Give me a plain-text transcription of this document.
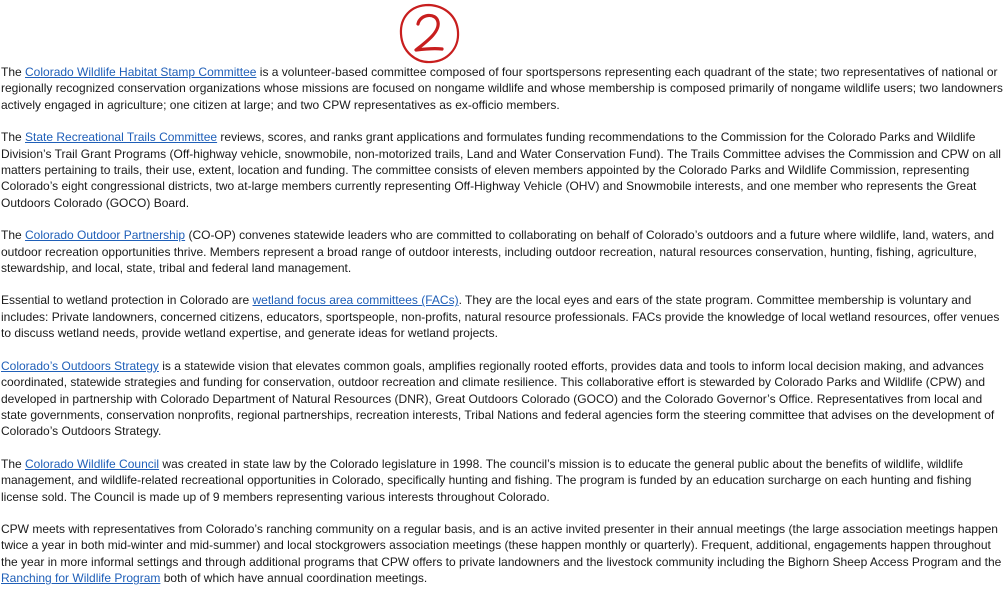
The Colorado Wildlife Habitat Stamp Committee is a volunteer-based committee composed of four sportspersons representing each quadrant of the state; two representatives of national or regionally recognized conservation organizations whose missions are focused on nongame wildlife and whose membership is composed primarily of nongame wildlife users; two landowners actively engaged in agriculture; one citizen at large; and two CPW representatives as ex-officio members.

The State Recreational Trails Committee reviews, scores, and ranks grant applications and formulates funding recommendations to the Commission for the Colorado Parks and Wildlife Division’s Trail Grant Programs (Off-highway vehicle, snowmobile, non-motorized trails, Land and Water Conservation Fund). The Trails Committee advises the Commission and CPW on all matters pertaining to trails, their use, extent, location and funding. The committee consists of eleven members appointed by the Colorado Parks and Wildlife Commission, representing Colorado’s eight congressional districts, two at-large members currently representing Off-Highway Vehicle (OHV) and Snowmobile interests, and one member who represents the Great Outdoors Colorado (GOCO) Board.

The Colorado Outdoor Partnership (CO-OP) convenes statewide leaders who are committed to collaborating on behalf of Colorado’s outdoors and a future where wildlife, land, waters, and outdoor recreation opportunities thrive. Members represent a broad range of outdoor interests, including outdoor recreation, natural resources conservation, hunting, fishing, agriculture, stewardship, and local, state, tribal and federal land management.

Essential to wetland protection in Colorado are wetland focus area committees (FACs). They are the local eyes and ears of the state program. Committee membership is voluntary and includes: Private landowners, concerned citizens, educators, sportspeople, non-profits, natural resource professionals. FACs provide the knowledge of local wetland resources, offer venues to discuss wetland needs, provide wetland expertise, and generate ideas for wetland projects.

Colorado’s Outdoors Strategy is a statewide vision that elevates common goals, amplifies regionally rooted efforts, provides data and tools to inform local decision making, and advances coordinated, statewide strategies and funding for conservation, outdoor recreation and climate resilience. This collaborative effort is stewarded by Colorado Parks and Wildlife (CPW) and developed in partnership with Colorado Department of Natural Resources (DNR), Great Outdoors Colorado (GOCO) and the Colorado Governor’s Office. Representatives from local and state governments, conservation nonprofits, regional partnerships, recreation interests, Tribal Nations and federal agencies form the steering committee that advises on the development of Colorado’s Outdoors Strategy.

The Colorado Wildlife Council was created in state law by the Colorado legislature in 1998. The council’s mission is to educate the general public about the benefits of wildlife, wildlife management, and wildlife-related recreational opportunities in Colorado, specifically hunting and fishing. The program is funded by an education surcharge on each hunting and fishing license sold. The Council is made up of 9 members representing various interests throughout Colorado.

CPW meets with representatives from Colorado’s ranching community on a regular basis, and is an active invited presenter in their annual meetings (the large association meetings happen twice a year in both mid-winter and mid-summer) and local stockgrowers association meetings (these happen monthly or quarterly). Frequent, additional, engagements happen throughout the year in more informal settings and through additional programs that CPW offers to private landowners and the livestock community including the Bighorn Sheep Access Program and the Ranching for Wildlife Program both of which have annual coordination meetings.
